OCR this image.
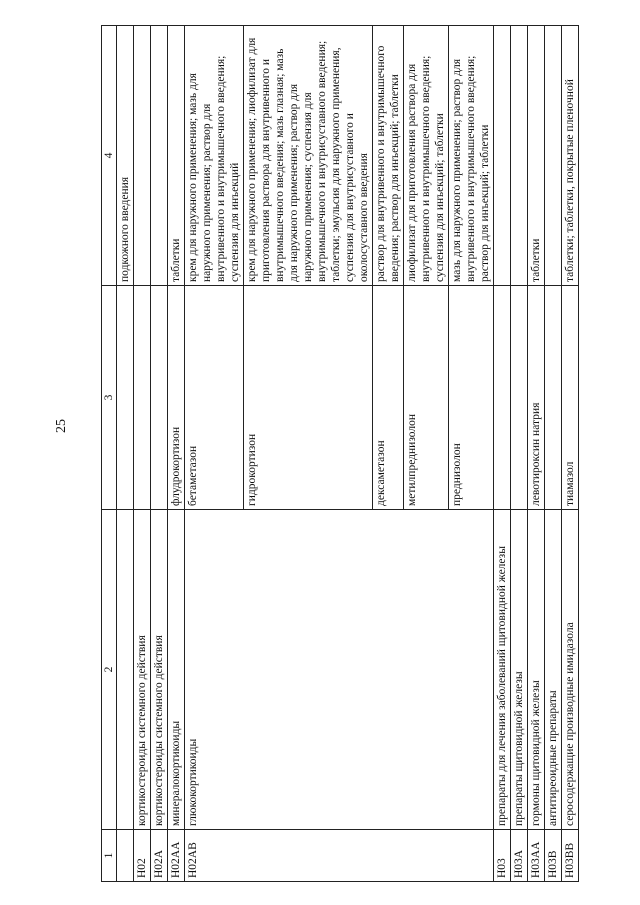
25
1	2	3	4
			подкожного введения
H02	кортикостероиды системного действия		
H02A	кортикостероиды системного действия		
H02AA	минералокортикоиды	флудрокортизон	таблетки
H02AB	глюкокортикоиды	бетаметазон	крем для наружного применения; мазь для наружного применения; раствор для внутривенного и внутримышечного введения; суспензия для инъекций
		гидрокортизон	крем для наружного применения; лиофилизат для приготовления раствора для внутривенного и внутримышечного введения; мазь глазная; мазь для наружного применения; раствор для наружного применения; суспензия для внутримышечного и внутрисуставного введения; таблетки; эмульсия для наружного применения, суспензия для внутрисуставного и околосуставного введения
		дексаметазон	раствор для внутривенного и внутримышечного введения; раствор для инъекций; таблетки
		метилпреднизолон	лиофилизат для приготовления раствора для внутривенного и внутримышечного введения; суспензия для инъекций; таблетки
		преднизолон	мазь для наружного применения; раствор для внутривенного и внутримышечного введения; раствор для инъекций; таблетки
H03	препараты для лечения заболеваний щитовидной железы		
H03A	препараты щитовидной железы		
H03AA	гормоны щитовидной железы	левотироксин натрия	таблетки
H03B	антитиреоидные препараты		
H03BB	серосодержащие производные имидазола	тиамазол	таблетки; таблетки, покрытые пленочной
